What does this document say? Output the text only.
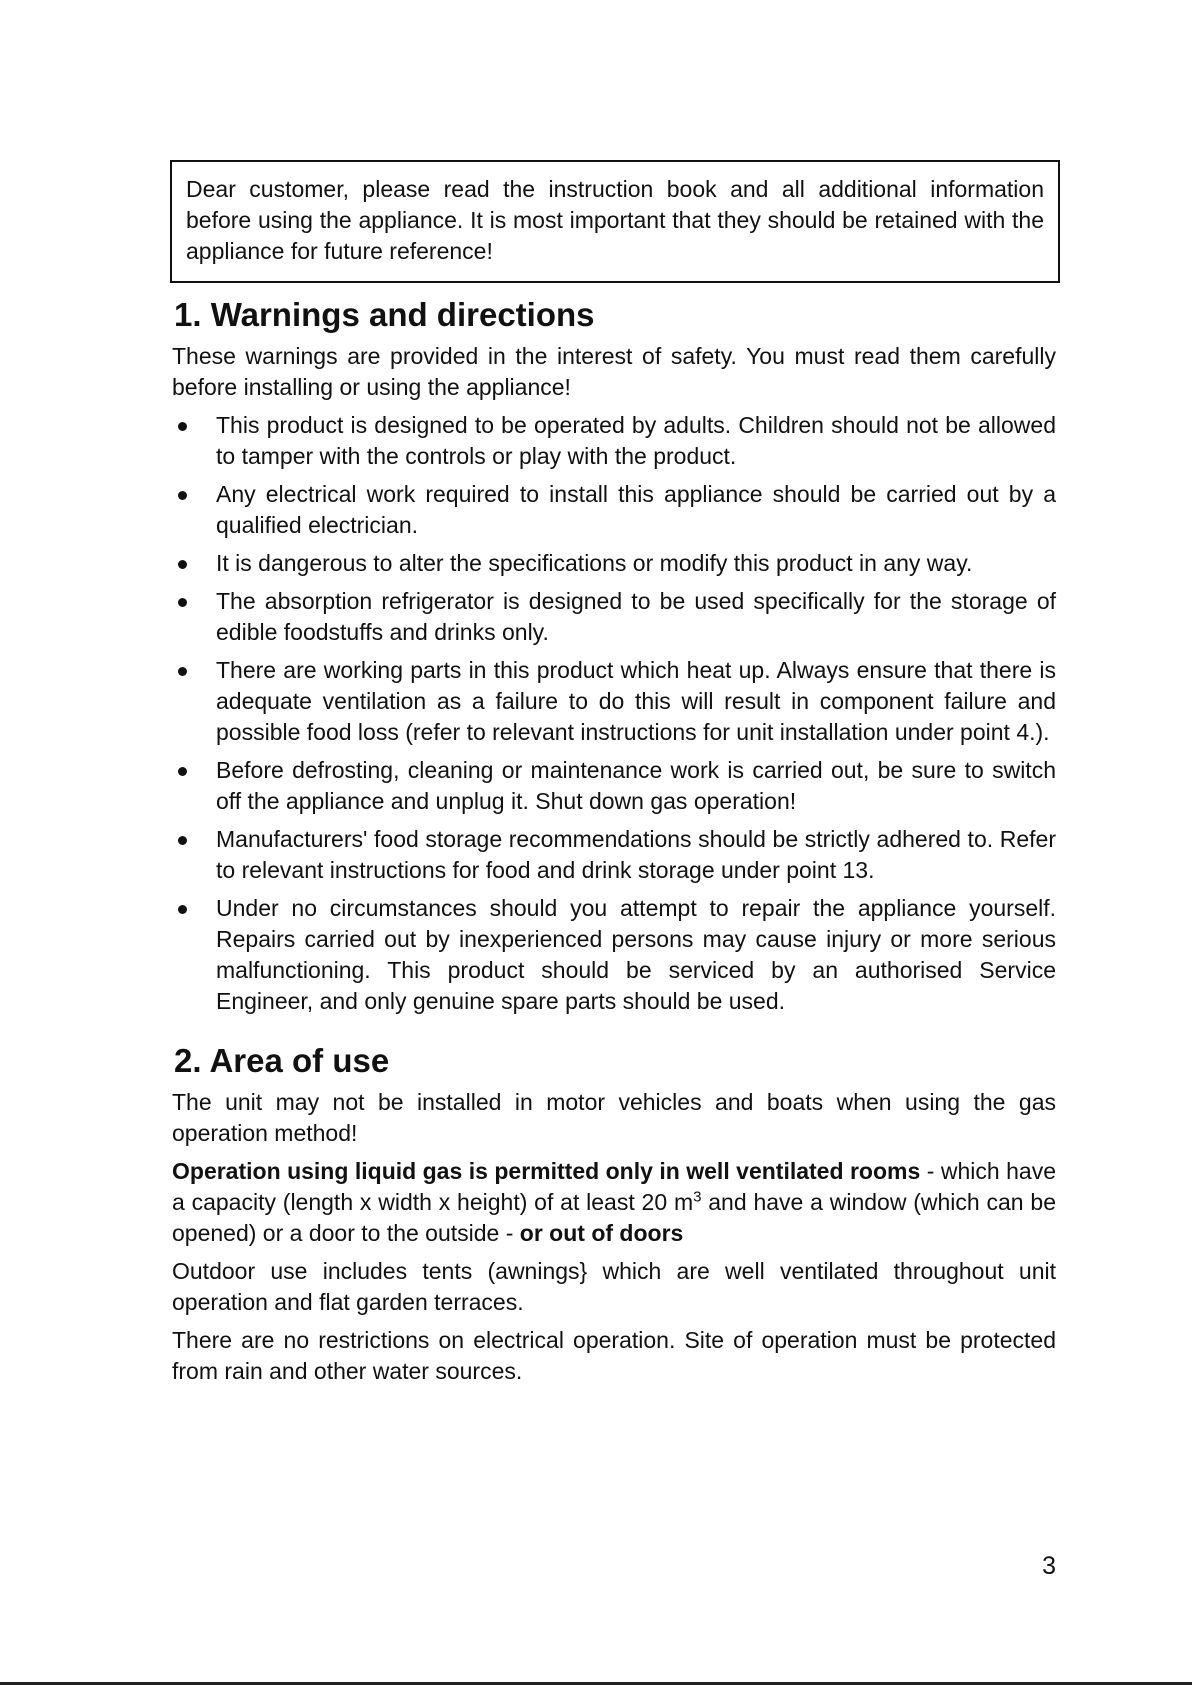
Dear customer, please read the instruction book and all additional information before using the appliance. It is most important that they should be retained with the appliance for future reference!
1. Warnings and directions

These warnings are provided in the interest of safety. You must read them carefully before installing or using the appliance!

This product is designed to be operated by adults. Children should not be allowed to tamper with the controls or play with the product.
Any electrical work required to install this appliance should be carried out by a qualified electrician.
It is dangerous to alter the specifications or modify this product in any way.
The absorption refrigerator is designed to be used specifically for the storage of edible foodstuffs and drinks only.
There are working parts in this product which heat up. Always ensure that there is adequate ventilation as a failure to do this will result in component failure and possible food loss (refer to relevant instructions for unit installation under point 4.).
Before defrosting, cleaning or maintenance work is carried out, be sure to switch off the appliance and unplug it. Shut down gas operation!
Manufacturers' food storage recommendations should be strictly adhered to. Refer to relevant instructions for food and drink storage under point 13.
Under no circumstances should you attempt to repair the appliance yourself. Repairs carried out by inexperienced persons may cause injury or more serious malfunctioning. This product should be serviced by an authorised Service Engineer, and only genuine spare parts should be used.
2. Area of use

The unit may not be installed in motor vehicles and boats when using the gas operation method!

Operation using liquid gas is permitted only in well ventilated rooms - which have a capacity (length x width x height) of at least 20 $m^3$ and have a window (which can be opened) or a door to the outside - or out of doors

Outdoor use includes tents (awnings} which are well ventilated throughout unit operation and flat garden terraces.

There are no restrictions on electrical operation. Site of operation must be protected from rain and other water sources.

3
